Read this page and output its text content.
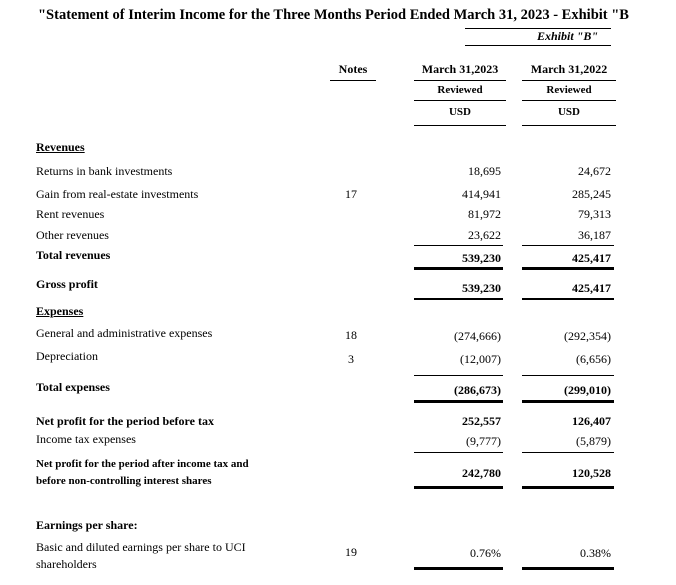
"Statement of Interim Income for the Three Months Period Ended March 31, 2023 - Exhibit "B
Exhibit "B"
Notes	March 31,2023
Reviewed
USD
March 31,2022
Reviewed
USD
Revenues
Returns in bank investments	18,695	24,672
Gain from real-estate investments	17	414,941	285,245
Rent revenues	81,972	79,313
Other revenues	23,622	36,187
Total revenues	539,230	425,417
Gross profit	539,230	425,417
Expenses
General and administrative expenses	18	(274,666)	(292,354)
Depreciation	3	(12,007)	(6,656)
Total expenses	(286,673)	(299,010)
Net profit for the period before tax	252,557	126,407
Income tax expenses	(9,777)	(5,879)
Net profit for the period after income tax and
before non-controlling interest shares
242,780	120,528
Earnings per share:
Basic and diluted earnings per share to UCI
shareholders
19	0.76%	0.38%
